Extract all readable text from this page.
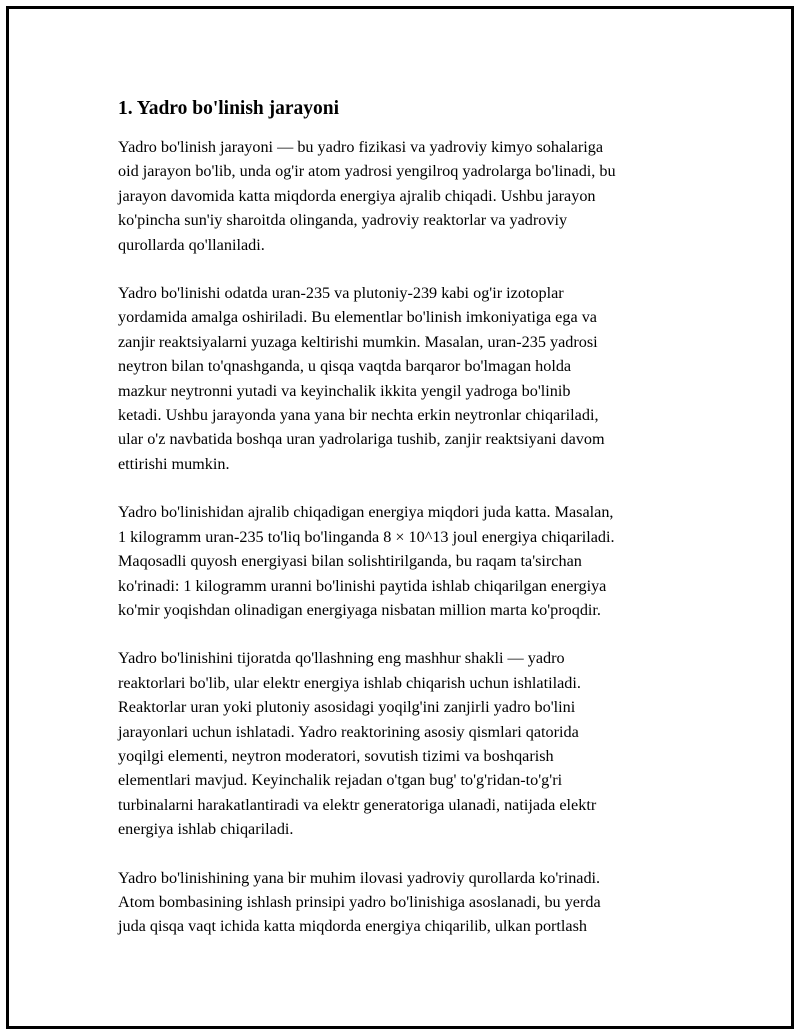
1. Yadro bo'linish jarayoni
Yadro bo'linish jarayoni — bu yadro fizikasi va yadroviy kimyo sohalariga
oid jarayon bo'lib, unda og'ir atom yadrosi yengilroq yadrolarga bo'linadi, bu
jarayon davomida katta miqdorda energiya ajralib chiqadi. Ushbu jarayon
ko'pincha sun'iy sharoitda olinganda, yadroviy reaktorlar va yadroviy
qurollarda qo'llaniladi.
Yadro bo'linishi odatda uran-235 va plutoniy-239 kabi og'ir izotoplar
yordamida amalga oshiriladi. Bu elementlar bo'linish imkoniyatiga ega va
zanjir reaktsiyalarni yuzaga keltirishi mumkin. Masalan, uran-235 yadrosi
neytron bilan to'qnashganda, u qisqa vaqtda barqaror bo'lmagan holda
mazkur neytronni yutadi va keyinchalik ikkita yengil yadroga bo'linib
ketadi. Ushbu jarayonda yana yana bir nechta erkin neytronlar chiqariladi,
ular o'z navbatida boshqa uran yadrolariga tushib, zanjir reaktsiyani davom
ettirishi mumkin.
Yadro bo'linishidan ajralib chiqadigan energiya miqdori juda katta. Masalan,
1 kilogramm uran-235 to'liq bo'linganda 8 × 10^13 joul energiya chiqariladi.
Maqosadli quyosh energiyasi bilan solishtirilganda, bu raqam ta'sirchan
ko'rinadi: 1 kilogramm uranni bo'linishi paytida ishlab chiqarilgan energiya
ko'mir yoqishdan olinadigan energiyaga nisbatan million marta ko'proqdir.
Yadro bo'linishini tijoratda qo'llashning eng mashhur shakli — yadro
reaktorlari bo'lib, ular elektr energiya ishlab chiqarish uchun ishlatiladi.
Reaktorlar uran yoki plutoniy asosidagi yoqilg'ini zanjirli yadro bo'lini
jarayonlari uchun ishlatadi. Yadro reaktorining asosiy qismlari qatorida
yoqilgi elementi, neytron moderatori, sovutish tizimi va boshqarish
elementlari mavjud. Keyinchalik rejadan o'tgan bug' to'g'ridan-to'g'ri
turbinalarni harakatlantiradi va elektr generatoriga ulanadi, natijada elektr
energiya ishlab chiqariladi.
Yadro bo'linishining yana bir muhim ilovasi yadroviy qurollarda ko'rinadi.
Atom bombasining ishlash prinsipi yadro bo'linishiga asoslanadi, bu yerda
juda qisqa vaqt ichida katta miqdorda energiya chiqarilib, ulkan portlash
